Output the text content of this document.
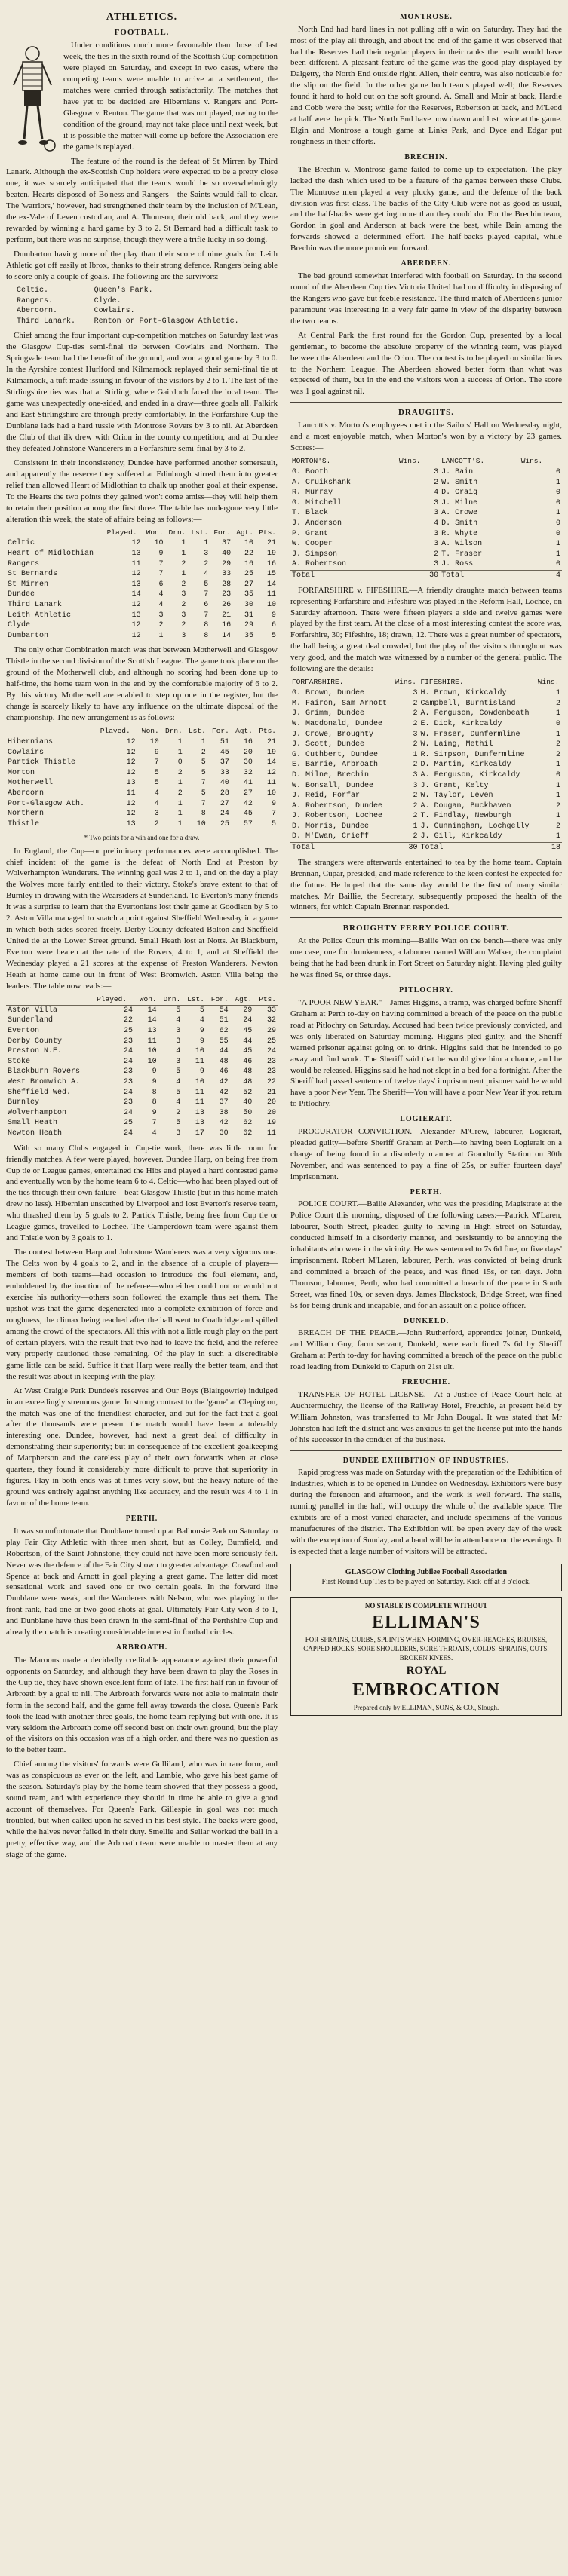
ATHLETICS.
FOOTBALL.

Under conditions much more favourable than those of last week, the ties in the sixth round of the Scottish Cup competition were played on Saturday, and except in two cases, where the competing teams were unable to arrive at a settlement, the matches were carried through satisfactorily. The matches that have yet to be decided are Hibernians v. Rangers and Port-Glasgow v. Renton. The game that was not played, owing to the condition of the ground, may not take place until next week, but it is possible the matter will come up before the Association ere the game is replayed.

The feature of the round is the defeat of St Mirren by Third Lanark. Although the ex-Scottish Cup holders were expected to be a pretty close one, it was scarcely anticipated that the teams would be so overwhelmingly beaten. Hearts disposed of Bo'ness and Rangers—the Saints would fall to clear. The 'warriors,' however, had strengthened their team by the inclusion of M'Lean, the ex-Vale of Leven custodian, and A. Thomson, their old back, and they were rewarded by winning a hard game by 3 to 2. St Bernard had a difficult task to perform, but there was no surprise, though they were a trifle lucky in so doing.

Dumbarton having more of the play than their score of nine goals for. Leith Athletic got off easily at Ibrox, thanks to their strong defence. Rangers being able to score only a couple of goals. The following are the survivors:—

Celtic.	Queen's Park.
Rangers.	Clyde.
Abercorn.	Cowlairs.
Third Lanark.	Renton or Port-Glasgow Athletic.

Chief among the four important cup-competition matches on Saturday last was the Glasgow Cup-ties semi-final tie between Cowlairs and Northern. The Springvale team had the benefit of the ground, and won a good game by 3 to 0. In the Ayrshire contest Hurlford and Kilmarnock replayed their semi-final tie at Kilmarnock, a tuft made issuing in favour of the visitors by 2 to 1. The last of the Stirlingshire ties was that at Stirling, where Gairdoch faced the local team. The game was unexpectedly one-sided, and ended in a draw—three goals all. Falkirk and East Stirlingshire are through pretty comfortably. In the Forfarshire Cup the Dunblane lads had a hard tussle with Montrose Rovers by 3 to nil. At Aberdeen the Club of that ilk drew with Orion in the county competition, and at Dundee they defeated Johnstone Wanderers in a Forfarshire semi-final by 3 to 2.

Consistent in their inconsistency, Dundee have performed another somersault, and apparently the reserve they suffered at Edinburgh stirred them into greater relief than allowed Heart of Midlothian to chalk up another goal at their expense. To the Hearts the two points they gained won't come amiss—they will help them to retain their position among the first three. The table has undergone very little alteration this week, the state of affairs being as follows:—

	Played.	Won.	Drn.	Lst.	For.	Agt.	Pts.
Celtic	12	10	1	1	37	10	21
Heart of Midlothian	13	9	1	3	40	22	19
Rangers	11	7	2	2	29	16	16
St Bernards	12	7	1	4	33	25	15
St Mirren	13	6	2	5	28	27	14
Dundee	14	4	3	7	23	35	11
Third Lanark	12	4	2	6	26	30	10
Leith Athletic	13	3	3	7	21	31	9
Clyde	12	2	2	8	16	29	6
Dumbarton	12	1	3	8	14	35	5

The only other Combination match was that between Motherwell and Glasgow Thistle in the second division of the Scottish League. The game took place on the ground of the Motherwell club, and although no scoring had been done up to half-time, the home team won in the end by the comfortable majority of 6 to 2. By this victory Motherwell are enabled to step up one in the register, but the change is scarcely likely to have any influence on the ultimate disposal of the championship. The new arrangement is as follows:—

	Played.	Won.	Drn.	Lst.	For.	Agt.	Pts.
Hibernians	12	10	1	1	51	16	21
Cowlairs	12	9	1	2	45	20	19
Partick Thistle	12	7	0	5	37	30	14
Morton	12	5	2	5	33	32	12
Motherwell	13	5	1	7	40	41	11
Abercorn	11	4	2	5	28	27	10
Port-Glasgow Ath.	12	4	1	7	27	42	9
Northern	12	3	1	8	24	45	7
Thistle	13	2	1	10	25	57	5
* Two points for a win and one for a draw.

In England, the Cup—or preliminary performances were accomplished. The chief incident of the game is the defeat of North End at Preston by Wolverhampton Wanderers. The winning goal was 2 to 1, and on the day a play the Wolves more fairly entitled to their victory. Stoke's brave extent to that of Burnley in drawing with the Wearsiders at Sunderland. To Everton's many friends it was a surprise to learn that the Evertonians lost their game at Goodison by 5 to 2. Aston Villa managed to snatch a point against Sheffield Wednesday in a game in which both sides scored freely. Derby County defeated Bolton and Sheffield United tie at the Lower Street ground. Small Heath lost at Notts. At Blackburn, Everton were beaten at the rate of the Rovers, 4 to 1, and at Sheffield the Wednesday played a 21 scores at the expense of Preston Wanderers. Newton Heath at home came out in front of West Bromwich. Aston Villa being the leaders. The table now reads:—

	Played.	Won.	Drn.	Lst.	For.	Agt.	Pts.
Aston Villa	24	14	5	5	54	29	33
Sunderland	22	14	4	4	51	24	32
Everton	25	13	3	9	62	45	29
Derby County	23	11	3	9	55	44	25
Preston N.E.	24	10	4	10	44	45	24
Stoke	24	10	3	11	48	46	23
Blackburn Rovers	23	9	5	9	46	48	23
West Bromwich A.	23	9	4	10	42	48	22
Sheffield Wed.	24	8	5	11	42	52	21
Burnley	23	8	4	11	37	40	20
Wolverhampton	24	9	2	13	38	50	20
Small Heath	25	7	5	13	42	62	19
Newton Heath	24	4	3	17	30	62	11

With so many Clubs engaged in Cup-tie work, there was little room for friendly matches. A few were played, however. Dundee Harp, on being free from Cup tie or League games, entertained the Hibs and played a hard contested game and eventually won by the home team 6 to 4. Celtic—who had been played out of the ties through their own failure—beat Glasgow Thistle (but in this home match drew no less). Hibernian unscathed by Liverpool and lost Everton's reserve team, who thrashed them by 5 goals to 2. Partick Thistle, being free from Cup tie or League games, travelled to Lochee. The Camperdown team were against them and Thistle won by 3 goals to 1.

The contest between Harp and Johnstone Wanderers was a very vigorous one. The Celts won by 4 goals to 2, and in the absence of a couple of players—members of both teams—had occasion to introduce the foul element, and, emboldened by the inaction of the referee—who either could not or would not exercise his authority—others soon followed the example thus set them. The upshot was that the game degenerated into a complete exhibition of force and roughness, the climax being reached after the ball went to Coatbridge and spilled among the crowd of the spectators. All this with not a little rough play on the part of certain players, with the result that two had to leave the field, and the referee very properly cautioned those remaining. Of the play in such a discreditable game little can be said. Suffice it that Harp were really the better team, and that the result was about in keeping with the play.

At West Craigie Park Dundee's reserves and Our Boys (Blairgowrie) indulged in an exceedingly strenuous game. In strong contrast to the 'game' at Clepington, the match was one of the friendliest character, and but for the fact that a goal after the thousands were present the match would have been a tolerably interesting one. Dundee, however, had next a great deal of difficulty in demonstrating their superiority; but in consequence of the excellent goalkeeping of Macpherson and the careless play of their own forwards when at close quarters, they found it considerably more difficult to prove that superiority in figures. Play in both ends was at times very slow, but the heavy nature of the ground was entirely against anything like accuracy, and the result was 4 to 1 in favour of the home team.

PERTH.

It was so unfortunate that Dunblane turned up at Balhousie Park on Saturday to play Fair City Athletic with three men short, but as Colley, Burnfield, and Robertson, of the Saint Johnstone, they could not have been more seriously felt. Never was the defence of the Fair City shown to greater advantage. Crawford and Spence at back and Arnott in goal playing a great game. The latter did most sensational work and saved one or two certain goals. In the forward line Dunblane were weak, and the Wanderers with Nelson, who was playing in the front rank, had one or two good shots at goal. Ultimately Fair City won 3 to 1, and Dunblane have thus been drawn in the semi-final of the Perthshire Cup and already the match is creating considerable interest in football circles.

ARBROATH.

The Maroons made a decidedly creditable appearance against their powerful opponents on Saturday, and although they have been drawn to play the Roses in the Cup tie, they have shown excellent form of late. The first half ran in favour of Arbroath by a goal to nil. The Arbroath forwards were not able to maintain their form in the second half, and the game fell away towards the close. Queen's Park took the lead with another three goals, the home team replying but with one. It is very seldom the Arbroath come off second best on their own ground, but the play of the visitors on this occasion was of a high order, and there was no question as to the better team.

Chief among the visitors' forwards were Gulliland, who was in rare form, and was as conspicuous as ever on the left, and Lambie, who gave his best game of the season. Saturday's play by the home team showed that they possess a good, sound team, and with experience they should in time be able to give a good account of themselves. For Queen's Park, Gillespie in goal was not much troubled, but when called upon he saved in his best style. The backs were good, while the halves never failed in their duty. Smellie and Sellar worked the ball in a pretty, effective way, and the Arbroath team were unable to master them at any stage of the game.

MONTROSE.

North End had hard lines in not pulling off a win on Saturday. They had the most of the play all through, and about the end of the game it was observed that had the Reserves had their regular players in their ranks the result would have been different. A pleasant feature of the game was the good play displayed by Dalgetty, the North End outside right. Allen, their centre, was also noticeable for the slip on the field. In the other game both teams played well; the Reserves found it hard to hold out on the soft ground. A. Small and Moir at back, Hardie and Cobb were the best; while for the Reserves, Robertson at back, and M'Leod at half were the pick. The North End have now drawn and lost twice at the game. Elgin and Montrose a tough game at Links Park, and Dyce and Edgar put roughness in their efforts.

BRECHIN.

The Brechin v. Montrose game failed to come up to expectation. The play lacked the dash which used to be a feature of the games between these Clubs. The Montrose men played a very plucky game, and the defence of the back division was first class. The backs of the City Club were not as good as usual, and the half-backs were getting more than they could do. For the Brechin team, Gordon in goal and Anderson at back were the best, while Bain among the forwards showed a determined effort. The half-backs played capital, while Brechin was the more prominent forward.

ABERDEEN.

The bad ground somewhat interfered with football on Saturday. In the second round of the Aberdeen Cup ties Victoria United had no difficulty in disposing of the Rangers who gave but feeble resistance. The third match of Aberdeen's junior paramount was interesting in a very fair game in view of the disparity between the two teams.

At Central Park the first round for the Gordon Cup, presented by a local gentleman, to become the absolute property of the winning team, was played between the Aberdeen and the Orion. The contest is to be played on similar lines to the Northern League. The Aberdeen showed better form than what was expected of them, but in the end the visitors won a success of Orion. The score was 1 goal against nil.

DRAUGHTS.

Lancott's v. Morton's employees met in the Sailors' Hall on Wednesday night, and a most enjoyable match, when Morton's won by a victory by 23 games. Scores:—

MORTON'S.	Wins.	LANCOTT'S.	Wins.
G. Booth	3	J. Bain	0
A. Cruikshank	2	W. Smith	1
R. Murray	4	D. Craig	0
G. Mitchell	3	J. Milne	0
T. Black	3	A. Crowe	1
J. Anderson	4	D. Smith	0
P. Grant	3	R. Whyte	0
W. Cooper	3	A. Wilson	1
J. Simpson	2	T. Fraser	1
A. Robertson	3	J. Ross	0
Total	30	Total	4

FORFARSHIRE v. FIFESHIRE.—A friendly draughts match between teams representing Forfarshire and Fifeshire was played in the Reform Hall, Lochee, on Saturday afternoon. There were fifteen players a side and twelve games were played by the first team. At the close of a most interesting contest the score was, Forfarshire, 30; Fifeshire, 18; drawn, 12. There was a great number of spectators, the hall being a great deal crowded, but the play of the visitors throughout was very good, and the match was witnessed by a number of the general public. The following are the details:—

FORFARSHIRE.	Wins.	FIFESHIRE.	Wins.
G. Brown, Dundee	3	H. Brown, Kirkcaldy	1
M. Fairon, Sam Arnott	2	Campbell, Burntisland	2
J. Grimm, Dundee	2	A. Ferguson, Cowdenbeath	1
W. Macdonald, Dundee	2	E. Dick, Kirkcaldy	0
J. Crowe, Broughty	3	W. Fraser, Dunfermline	1
J. Scott, Dundee	2	W. Laing, Methil	2
G. Cuthbert, Dundee	1	R. Simpson, Dunfermline	2
E. Barrie, Arbroath	2	D. Martin, Kirkcaldy	1
D. Milne, Brechin	3	A. Ferguson, Kirkcaldy	0
W. Bonsall, Dundee	3	J. Grant, Kelty	1
J. Reid, Forfar	2	W. Taylor, Leven	1
A. Robertson, Dundee	2	A. Dougan, Buckhaven	2
J. Robertson, Lochee	2	T. Findlay, Newburgh	1
D. Morris, Dundee	1	J. Cunningham, Lochgelly	2
D. M'Ewan, Crieff	2	J. Gill, Kirkcaldy	1
Total	30	Total	18

The strangers were afterwards entertained to tea by the home team. Captain Brennan, Cupar, presided, and made reference to the keen contest he expected for the future. He hoped that the same day would be the first of many similar matches. Mr Baillie, the Secretary, subsequently proposed the health of the winners, for which Captain Brennan responded.

BROUGHTY FERRY POLICE COURT.

At the Police Court this morning—Bailie Watt on the bench—there was only one case, one for drunkenness, a labourer named William Walker, the complaint being that he had been drunk in Fort Street on Saturday night. Having pled guilty he was fined 5s, or three days.

PITLOCHRY.

"A POOR NEW YEAR."—James Higgins, a tramp, was charged before Sheriff Graham at Perth to-day on having committed a breach of the peace on the public road at Pitlochry on Saturday. Accused had been twice previously convicted, and was only liberated on Saturday morning. Higgins pled guilty, and the Sheriff warned prisoner against going on to drink. Higgins said that he intended to go away and find work. The Sheriff said that he would give him a chance, and he would be released. Higgins said he had not slept in a bed for a fortnight. After the Sheriff had passed sentence of twelve days' imprisonment prisoner said he would have a poor New Year. The Sheriff—You will have a poor New Year if you return to Pitlochry.

LOGIERAIT.

PROCURATOR CONVICTION.—Alexander M'Crew, labourer, Logierait, pleaded guilty—before Sheriff Graham at Perth—to having been Logierait on a charge of being found in a disorderly manner at Grandtully Station on 30th November, and was sentenced to pay a fine of 25s, or suffer fourteen days' imprisonment.

PERTH.

POLICE COURT.—Bailie Alexander, who was the presiding Magistrate at the Police Court this morning, disposed of the following cases:—Patrick M'Laren, labourer, South Street, pleaded guilty to having in High Street on Saturday, conducted himself in a disorderly manner, and persistently to be annoying the inhabitants who were in the vicinity. He was sentenced to 7s 6d fine, or five days' imprisonment. Robert M'Laren, labourer, Perth, was convicted of being drunk and committed a breach of the peace, and was fined 15s, or ten days. John Thomson, labourer, Perth, who had committed a breach of the peace in South Street, was fined 10s, or seven days. James Blackstock, Bridge Street, was fined 5s for being drunk and incapable, and for an assault on a police officer.

DUNKELD.

BREACH OF THE PEACE.—John Rutherford, apprentice joiner, Dunkeld, and William Guy, farm servant, Dunkeld, were each fined 7s 6d by Sheriff Graham at Perth to-day for having committed a breach of the peace on the public road leading from Dunkeld to Caputh on 21st ult.

FREUCHIE.

TRANSFER OF HOTEL LICENSE.—At a Justice of Peace Court held at Auchtermuchty, the license of the Railway Hotel, Freuchie, at present held by William Johnston, was transferred to Mr John Dougal. It was stated that Mr Johnston had left the district and was anxious to get the license put into the hands of his successor in the conduct of the business.

DUNDEE EXHIBITION OF INDUSTRIES.

Rapid progress was made on Saturday with the preparation of the Exhibition of Industries, which is to be opened in Dundee on Wednesday. Exhibitors were busy during the forenoon and afternoon, and the work is well forward. The stalls, running parallel in the hall, will occupy the whole of the available space. The exhibits are of a most varied character, and include specimens of the various manufactures of the district. The Exhibition will be open every day of the week with the exception of Sunday, and a band will be in attendance on the evenings. It is expected that a large number of visitors will be attracted.

GLASGOW Clothing Jubilee Football Association
First Round Cup Ties to be played on Saturday. Kick-off at 3 o'clock.
NO STABLE IS COMPLETE WITHOUT
ELLIMAN'S
FOR SPRAINS, CURBS, SPLINTS WHEN FORMING, OVER-REACHES, BRUISES, CAPPED HOCKS, SORE SHOULDERS, SORE THROATS, COLDS, SPRAINS, CUTS, BROKEN KNEES.
ROYAL
EMBROCATION
Prepared only by ELLIMAN, SONS, & CO., Slough.
